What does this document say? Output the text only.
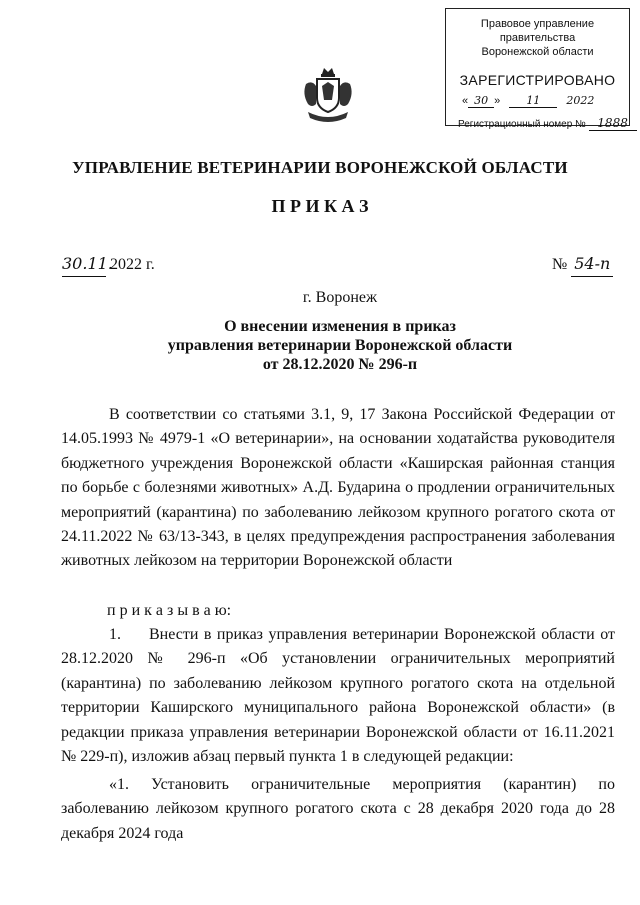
Правовое управление правительства
Воронежской области
ЗАРЕГИСТРИРОВАНО
« 30 » 11 2022
Регистрационный номер № 1888
УПРАВЛЕНИЕ ВЕТЕРИНАРИИ ВОРОНЕЖСКОЙ ОБЛАСТИ
П Р И К А З
30.11. 2022 г.	№ 54-п
г. Воронеж
О внесении изменения в приказ
управления ветеринарии Воронежской области
от 28.12.2020 № 296-п
В соответствии со статьями 3.1, 9, 17 Закона Российской Федерации от 14.05.1993 № 4979-1 «О ветеринарии», на основании ходатайства руководителя бюджетного учреждения Воронежской области «Каширская районная станция по борьбе с болезнями животных» А.Д. Бударина о продлении ограничительных мероприятий (карантина) по заболеванию лейкозом крупного рогатого скота от 24.11.2022 № 63/13-343, в целях предупреждения распространения заболевания животных лейкозом на территории Воронежской области
п р и к а з ы в а ю:
1. Внести в приказ управления ветеринарии Воронежской области от 28.12.2020 № 296-п «Об установлении ограничительных мероприятий (карантина) по заболеванию лейкозом крупного рогатого скота на отдельной территории Каширского муниципального района Воронежской области» (в редакции приказа управления ветеринарии Воронежской области от 16.11.2021 № 229-п), изложив абзац первый пункта 1 в следующей редакции:
«1. Установить ограничительные мероприятия (карантин) по заболеванию лейкозом крупного рогатого скота с 28 декабря 2020 года до 28 декабря 2024 года
